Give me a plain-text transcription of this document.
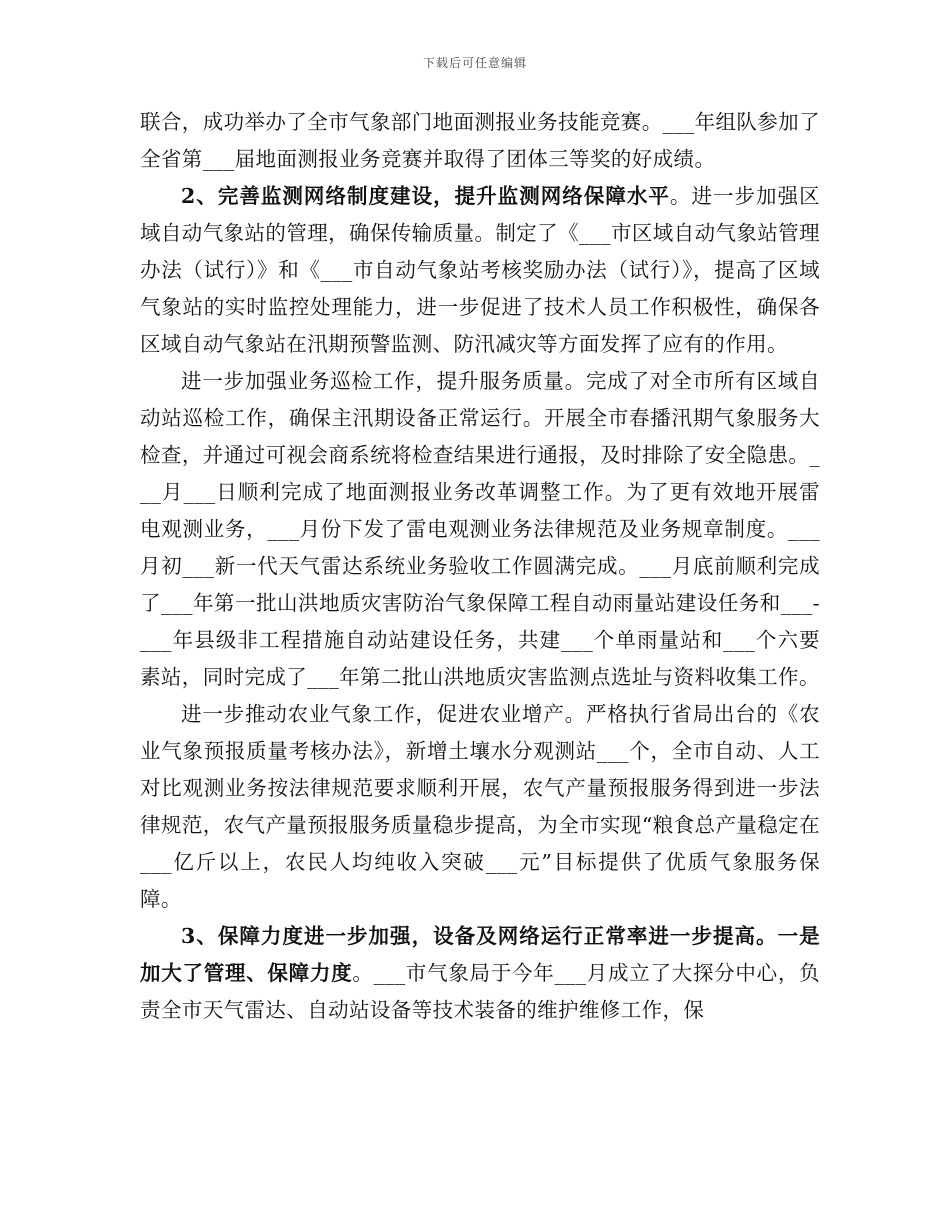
下载后可任意编辑

联合，成功举办了全市气象部门地面测报业务技能竞赛。___年组队参加了全省第___届地面测报业务竞赛并取得了团体三等奖的好成绩。

2、完善监测网络制度建设，提升监测网络保障水平。进一步加强区域自动气象站的管理，确保传输质量。制定了《___市区域自动气象站管理办法（试行）》和《___市自动气象站考核奖励办法（试行）》，提高了区域气象站的实时监控处理能力，进一步促进了技术人员工作积极性，确保各区域自动气象站在汛期预警监测、防汛减灾等方面发挥了应有的作用。

进一步加强业务巡检工作，提升服务质量。完成了对全市所有区域自动站巡检工作，确保主汛期设备正常运行。开展全市春播汛期气象服务大检查，并通过可视会商系统将检查结果进行通报，及时排除了安全隐患。___月___日顺利完成了地面测报业务改革调整工作。为了更有效地开展雷电观测业务，___月份下发了雷电观测业务法律规范及业务规章制度。___月初___新一代天气雷达系统业务验收工作圆满完成。___月底前顺利完成了___年第一批山洪地质灾害防治气象保障工程自动雨量站建设任务和___-___年县级非工程措施自动站建设任务，共建___个单雨量站和___个六要素站，同时完成了___年第二批山洪地质灾害监测点选址与资料收集工作。

进一步推动农业气象工作，促进农业增产。严格执行省局出台的《农业气象预报质量考核办法》，新增土壤水分观测站___个，全市自动、人工对比观测业务按法律规范要求顺利开展，农气产量预报服务得到进一步法律规范，农气产量预报服务质量稳步提高，为全市实现“粮食总产量稳定在___亿斤以上，农民人均纯收入突破___元”目标提供了优质气象服务保障。

3、保障力度进一步加强，设备及网络运行正常率进一步提高。一是加大了管理、保障力度。___市气象局于今年___月成立了大探分中心，负责全市天气雷达、自动站设备等技术装备的维护维修工作，保
